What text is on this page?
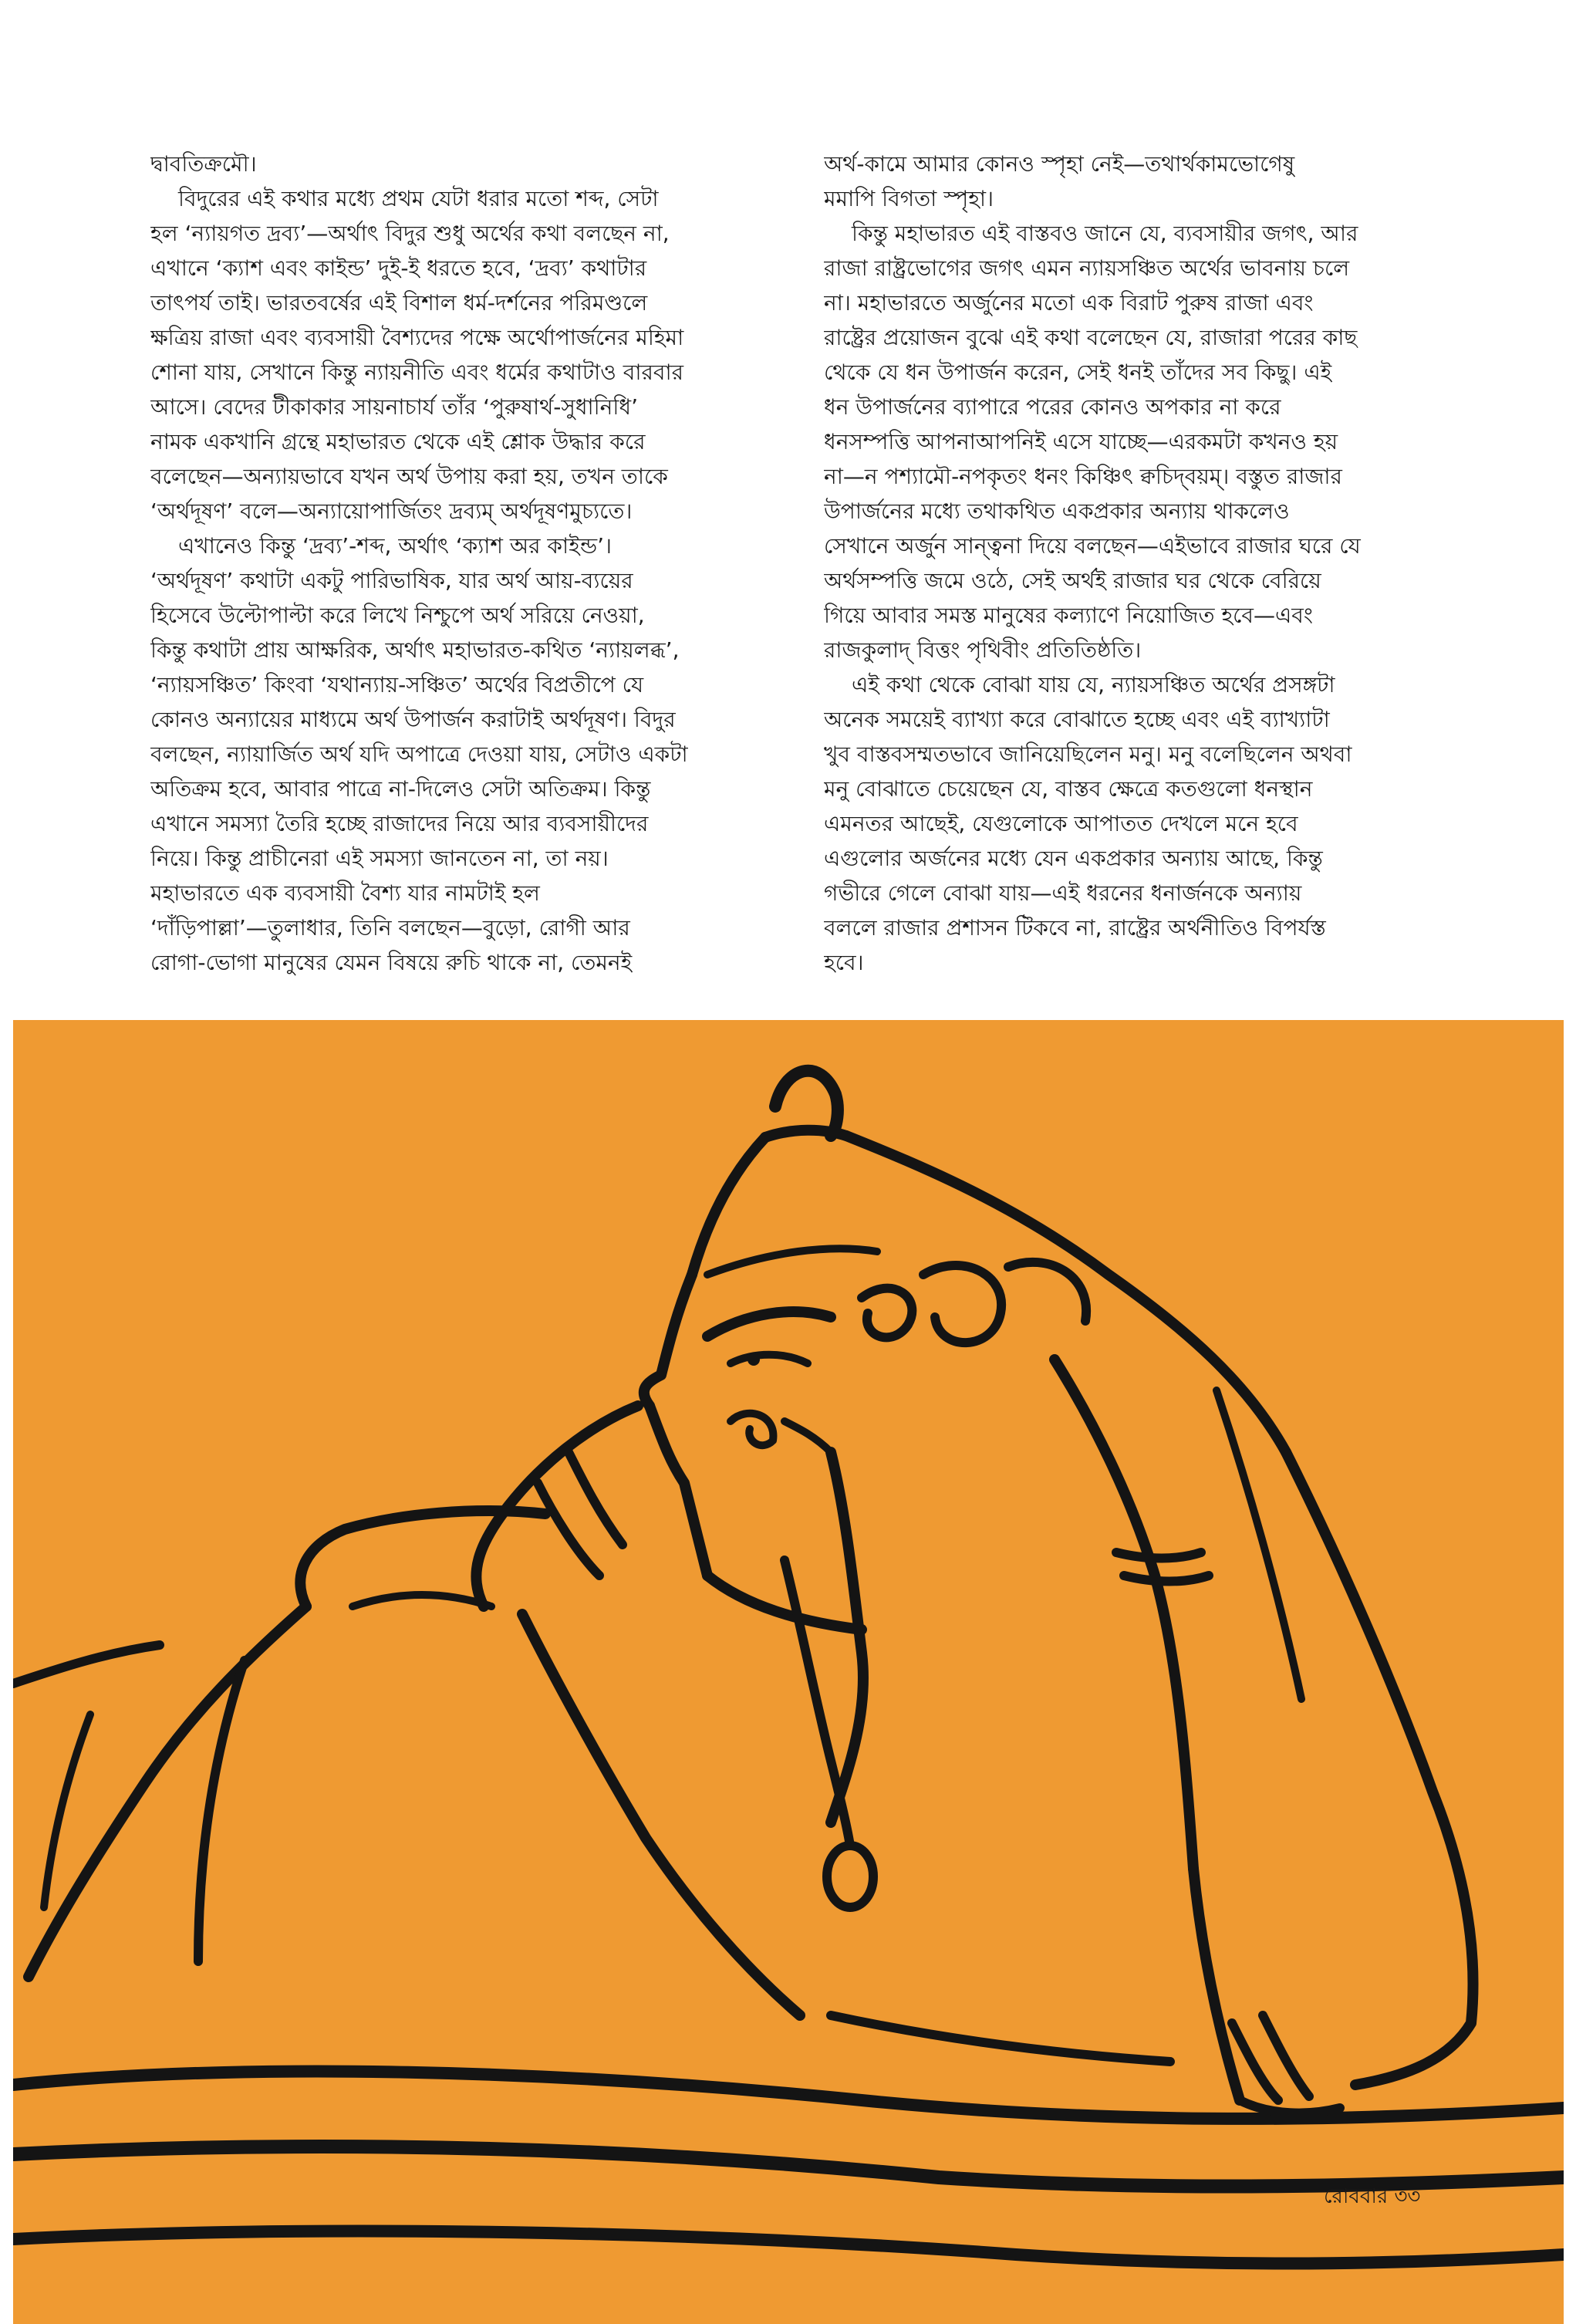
দ্বাবতিক্রমৌ।
বিদুরের এই কথার মধ্যে প্রথম যেটা ধরার মতো শব্দ, সেটা
হল ‘ন্যায়গত দ্রব্য’—অর্থাৎ বিদুর শুধু অর্থের কথা বলছেন না,
এখানে ‘ক্যাশ এবং কাইন্ড’ দুই-ই ধরতে হবে, ‘দ্রব্য’ কথাটার
তাৎপর্য তাই। ভারতবর্ষের এই বিশাল ধর্ম-দর্শনের পরিমণ্ডলে
ক্ষত্রিয় রাজা এবং ব্যবসায়ী বৈশ্যদের পক্ষে অর্থোপার্জনের মহিমা
শোনা যায়, সেখানে কিন্তু ন্যায়নীতি এবং ধর্মের কথাটাও বারবার
আসে। বেদের টীকাকার সায়নাচার্য তাঁর ‘পুরুষার্থ-সুধানিধি’
নামক একখানি গ্রন্থে মহাভারত থেকে এই শ্লোক উদ্ধার করে
বলেছেন—অন্যায়ভাবে যখন অর্থ উপায় করা হয়, তখন তাকে
‘অর্থদূষণ’ বলে—অন্যায়োপার্জিতং দ্রব্যম্‌ অর্থদূষণমুচ্যতে।
এখানেও কিন্তু ‘দ্রব্য’-শব্দ, অর্থাৎ ‘ক্যাশ অর কাইন্ড’।
‘অর্থদূষণ’ কথাটা একটু পারিভাষিক, যার অর্থ আয়-ব্যয়ের
হিসেবে উল্টোপাল্টা করে লিখে নিশ্চুপে অর্থ সরিয়ে নেওয়া,
কিন্তু কথাটা প্রায় আক্ষরিক, অর্থাৎ মহাভারত-কথিত ‘ন্যায়লব্ধ’,
‘ন্যায়সঞ্চিত’ কিংবা ‘যথান্যায়-সঞ্চিত’ অর্থের বিপ্রতীপে যে
কোনও অন্যায়ের মাধ্যমে অর্থ উপার্জন করাটাই অর্থদূষণ। বিদুর
বলছেন, ন্যায়ার্জিত অর্থ যদি অপাত্রে দেওয়া যায়, সেটাও একটা
অতিক্রম হবে, আবার পাত্রে না-দিলেও সেটা অতিক্রম। কিন্তু
এখানে সমস্যা তৈরি হচ্ছে রাজাদের নিয়ে আর ব্যবসায়ীদের
নিয়ে। কিন্তু প্রাচীনেরা এই সমস্যা জানতেন না, তা নয়।
মহাভারতে এক ব্যবসায়ী বৈশ্য যার নামটাই হল
‘দাঁড়িপাল্লা’—তুলাধার, তিনি বলছেন—বুড়ো, রোগী আর
রোগা-ভোগা মানুষের যেমন বিষয়ে রুচি থাকে না, তেমনই
অর্থ-কামে আমার কোনও স্পৃহা নেই—তথার্থকামভোগেষু
মমাপি বিগতা স্পৃহা।
কিন্তু মহাভারত এই বাস্তবও জানে যে, ব্যবসায়ীর জগৎ, আর
রাজা রাষ্ট্রভোগের জগৎ এমন ন্যায়সঞ্চিত অর্থের ভাবনায় চলে
না। মহাভারতে অর্জুনের মতো এক বিরাট পুরুষ রাজা এবং
রাষ্ট্রের প্রয়োজন বুঝে এই কথা বলেছেন যে, রাজারা পরের কাছ
থেকে যে ধন উপার্জন করেন, সেই ধনই তাঁদের সব কিছু। এই
ধন উপার্জনের ব্যাপারে পরের কোনও অপকার না করে
ধনসম্পত্তি আপনাআপনিই এসে যাচ্ছে—এরকমটা কখনও হয়
না—ন পশ্যামৌ-নপকৃতং ধনং কিঞ্চিৎ ক্বচিদ্‌বয়ম্‌। বস্তুত রাজার
উপার্জনের মধ্যে তথাকথিত একপ্রকার অন্যায় থাকলেও
সেখানে অর্জুন সান্ত্বনা দিয়ে বলছেন—এইভাবে রাজার ঘরে যে
অর্থসম্পত্তি জমে ওঠে, সেই অর্থই রাজার ঘর থেকে বেরিয়ে
গিয়ে আবার সমস্ত মানুষের কল্যাণে নিয়োজিত হবে—এবং
রাজকুলাদ্‌ বিত্তং পৃথিবীং প্রতিতিষ্ঠতি।
এই কথা থেকে বোঝা যায় যে, ন্যায়সঞ্চিত অর্থের প্রসঙ্গটা
অনেক সময়েই ব্যাখ্যা করে বোঝাতে হচ্ছে এবং এই ব্যাখ্যাটা
খুব বাস্তবসম্মতভাবে জানিয়েছিলেন মনু। মনু বলেছিলেন অথবা
মনু বোঝাতে চেয়েছেন যে, বাস্তব ক্ষেত্রে কতগুলো ধনস্থান
এমনতর আছেই, যেগুলোকে আপাতত দেখলে মনে হবে
এগুলোর অর্জনের মধ্যে যেন একপ্রকার অন্যায় আছে, কিন্তু
গভীরে গেলে বোঝা যায়—এই ধরনের ধনার্জনকে অন্যায়
বললে রাজার প্রশাসন টিকবে না, রাষ্ট্রের অর্থনীতিও বিপর্যস্ত
হবে।
রোববার ৩৩
